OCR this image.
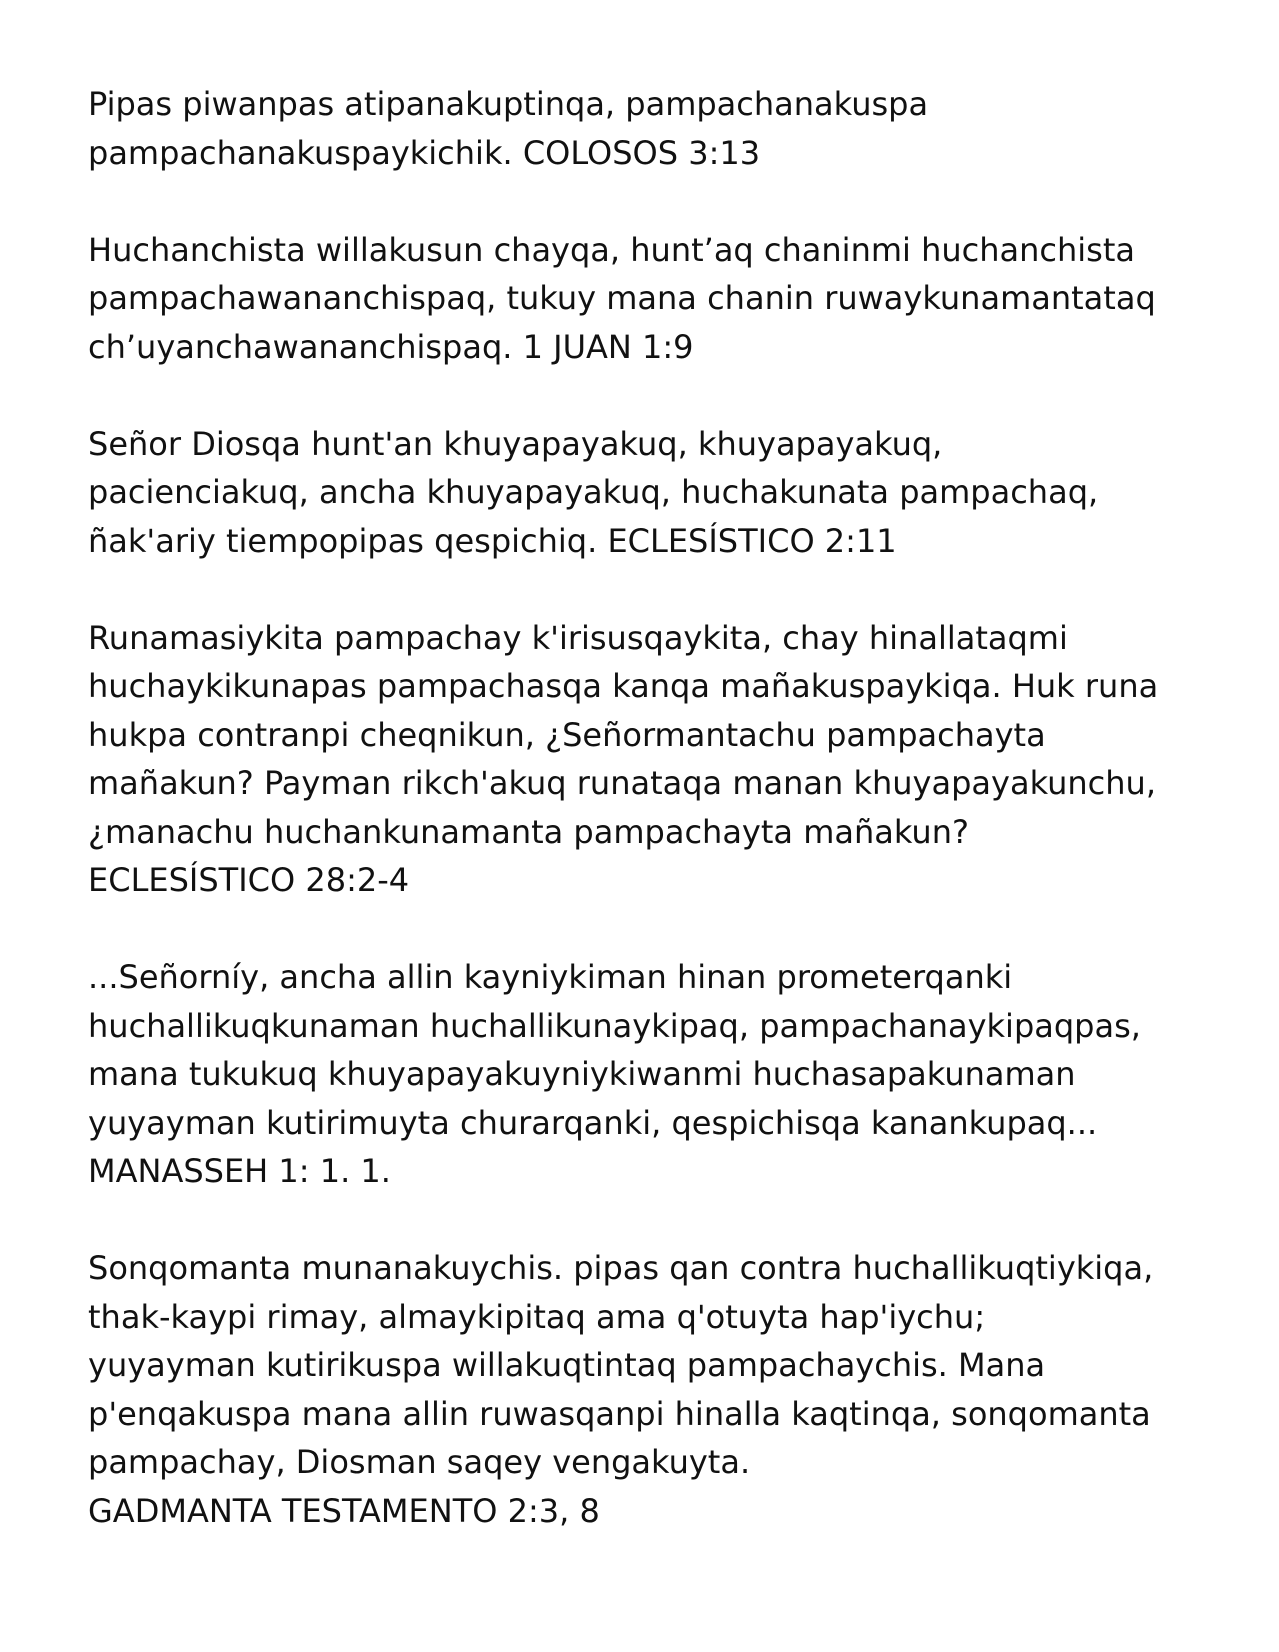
Pipas piwanpas atipanakuptinqa, pampachanakuspa
pampachanakuspaykichik. COLOSOS 3:13

Huchanchista willakusun chayqa, hunt’aq chaninmi huchanchista
pampachawananchispaq, tukuy mana chanin ruwaykunamantataq
ch’uyanchawananchispaq. 1 JUAN 1:9

Señor Diosqa hunt'an khuyapayakuq, khuyapayakuq,
pacienciakuq, ancha khuyapayakuq, huchakunata pampachaq,
ñak'ariy tiempopipas qespichiq. ECLESÍSTICO 2:11

Runamasiykita pampachay k'irisusqaykita, chay hinallataqmi
huchaykikunapas pampachasqa kanqa mañakuspaykiqa. Huk runa
hukpa contranpi cheqnikun, ¿Señormantachu pampachayta
mañakun? Payman rikch'akuq runataqa manan khuyapayakunchu,
¿manachu huchankunamanta pampachayta mañakun?
ECLESÍSTICO 28:2-4

...Señorníy, ancha allin kayniykiman hinan prometerqanki
huchallikuqkunaman huchallikunaykipaq, pampachanaykipaqpas,
mana tukukuq khuyapayakuyniykiwanmi huchasapakunaman
yuyayman kutirimuyta churarqanki, qespichisqa kanankupaq...
MANASSEH 1: 1. 1.

Sonqomanta munanakuychis. pipas qan contra huchallikuqtiykiqa,
thak-kaypi rimay, almaykipitaq ama q'otuyta hap'iychu;
yuyayman kutirikuspa willakuqtintaq pampachaychis. Mana
p'enqakuspa mana allin ruwasqanpi hinalla kaqtinqa, sonqomanta
pampachay, Diosman saqey vengakuyta.
GADMANTA TESTAMENTO 2:3, 8
